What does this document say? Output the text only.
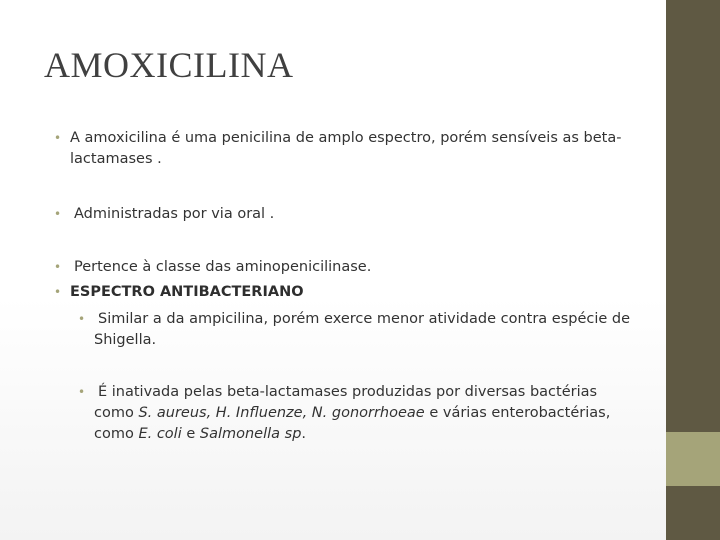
AMOXICILINA
• A amoxicilina é uma penicilina de amplo espectro, porém sensíveis as beta-
lactamases .
• Administradas por via oral .
• Pertence à classe das aminopenicilinase.
• ESPECTRO ANTIBACTERIANO
• Similar a da ampicilina, porém exerce menor atividade contra espécie de
Shigella.
• É inativada pelas beta-lactamases produzidas por diversas bactérias
como S. aureus, H. Influenze, N. gonorrhoeae e várias enterobactérias,
como E. coli e Salmonella sp.
